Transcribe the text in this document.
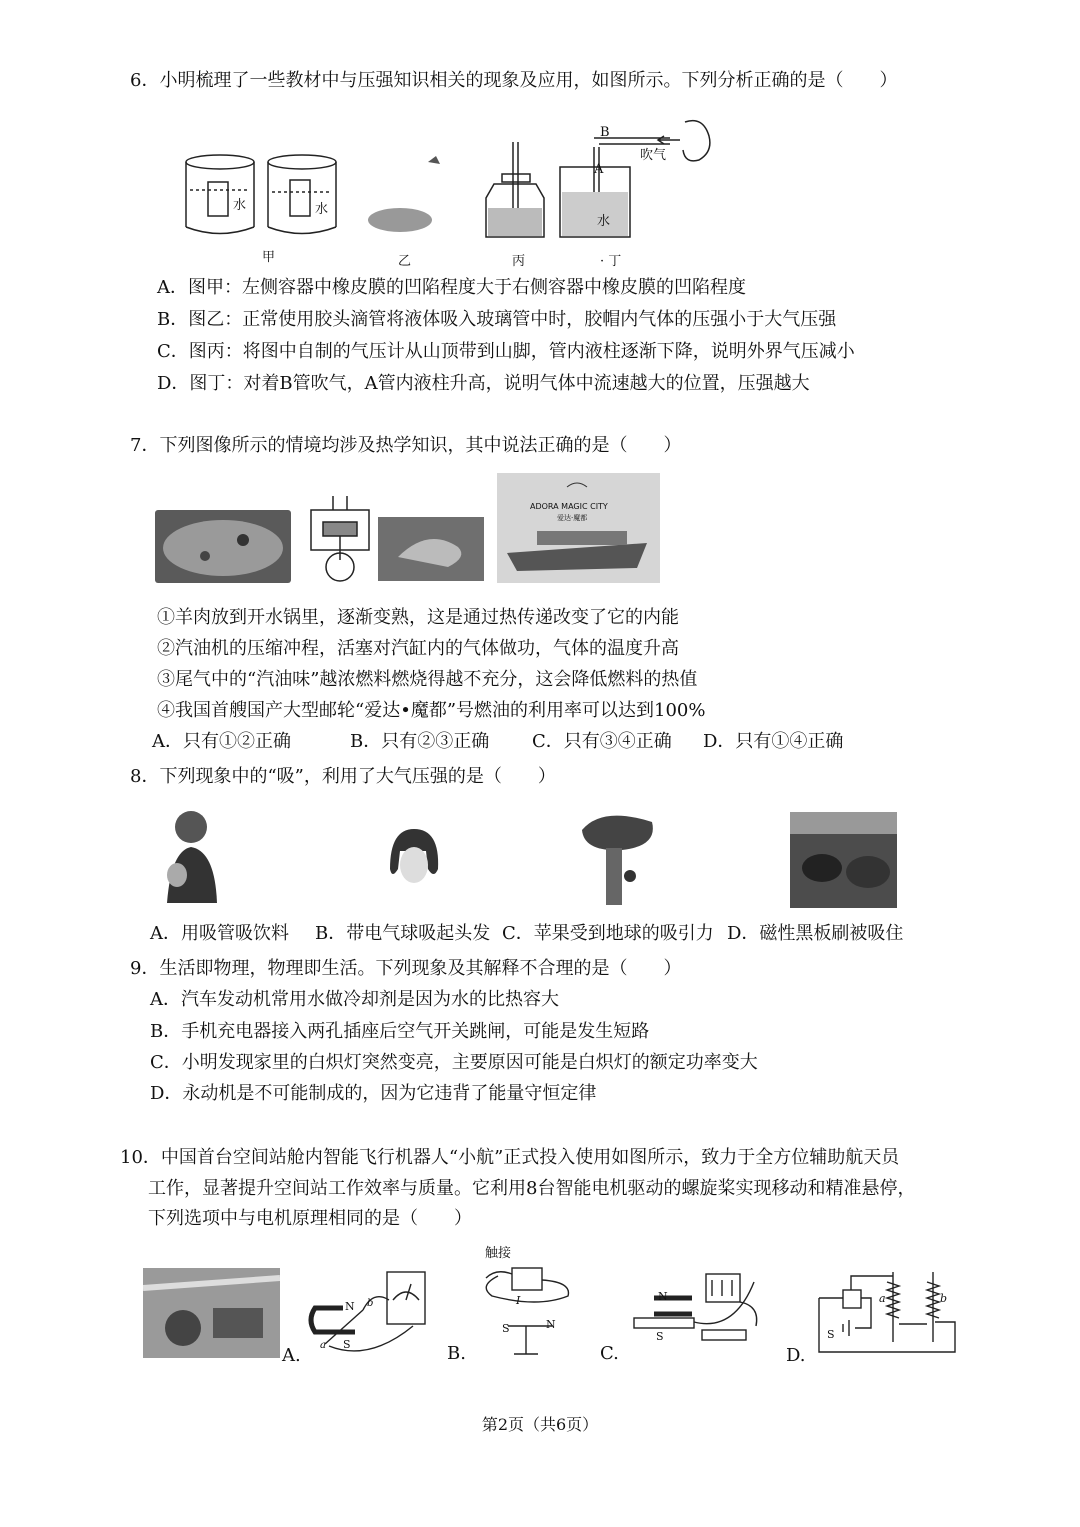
6．小明梳理了一些教材中与压强知识相关的现象及应用，如图所示。下列分析正确的是（　　）
水	水
水
B
A
吹气
甲	乙	丙	· 丁
A．图甲：左侧容器中橡皮膜的凹陷程度大于右侧容器中橡皮膜的凹陷程度
B．图乙：正常使用胶头滴管将液体吸入玻璃管中时，胶帽内气体的压强小于大气压强
C．图丙：将图中自制的气压计从山顶带到山脚，管内液柱逐渐下降，说明外界气压减小
D．图丁：对着B管吹气，A管内液柱升高，说明气体中流速越大的位置，压强越大
7．下列图像所示的情境均涉及热学知识，其中说法正确的是（　　）
ADORA MAGIC CITY
爱达·魔都
①羊肉放到开水锅里，逐渐变熟，这是通过热传递改变了它的内能
②汽油机的压缩冲程，活塞对汽缸内的气体做功，气体的温度升高
③尾气中的“汽油味”越浓燃料燃烧得越不充分，这会降低燃料的热值
④我国首艘国产大型邮轮“爱达•魔都”号燃油的利用率可以达到100%
A．只有①②正确	B．只有②③正确 C．只有③④正确 D．只有①④正确
8．下列现象中的“吸”，利用了大气压强的是（　　）
A．用吸管吸饮料 B．带电气球吸起头发 C．苹果受到地球的吸引力 D．磁性黑板刷被吸住
9．生活即物理，物理即生活。下列现象及其解释不合理的是（　　）
A．汽车发动机常用水做冷却剂是因为水的比热容大
B．手机充电器接入两孔插座后空气开关跳闸，可能是发生短路
C．小明发现家里的白炽灯突然变亮，主要原因可能是白炽灯的额定功率变大
D．永动机是不可能制成的，因为它违背了能量守恒定律
10．中国首台空间站舱内智能飞行机器人“小航”正式投入使用如图所示，致力于全方位辅助航天员
工作，显著提升空间站工作效率与质量。它利用8台智能电机驱动的螺旋桨实现移动和精准悬停，
下列选项中与电机原理相同的是（　　）
N
S
a
b
A.
触接
I
S	N
B.
N
S
C.
S
a	b
D.
第2页（共6页）
